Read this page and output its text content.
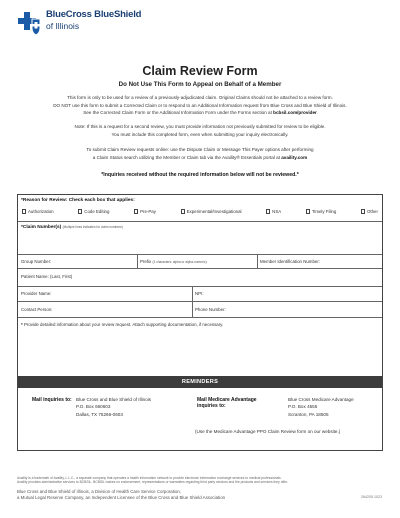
BlueCross BlueShield
of Illinois
Claim Review Form
Do Not Use This Form to Appeal on Behalf of a Member
This form is only to be used for a review of a previously-adjudicated claim. Original Claims should not be attached to a review form.
DO NOT use this form to submit a Corrected Claim or to respond to an Additional Information request from Blue Cross and Blue Shield of Illinois.
See the Corrected Claim Form or the Additional Information Form under the Forms section at bcbsil.com/provider
Note: If this is a request for a second review, you must provide information not previously submitted for review to be eligible.
You must include this completed form, even when submitting your inquiry electronically.
To submit Claim Review requests online: use the Dispute Claim or Message This Payer options after performing
a Claim Status search utilizing the Member or Claim tab via the Availity® Essentials portal at availity.com
*Inquiries received without the required information below will not be reviewed.*
*Reason for Review: Check each box that applies:
Authorization	Code Editing	Pre-Pay	Experimental/Investigational	NSA	Timely Filing	Other
*Claim Number(s) (Multiple lines indicates for claim numbers)
Group Number:	Prefix (3 characters: alpha or alpha-numeric):	Member Identification Number:
Patient Name: (Last, First)
Provider Name:	NPI:
Contact Person:	Phone Number:
* Provide detailed information about your review request. Attach supporting documentation, if necessary.
REMINDERS
Mail inquiries to: Blue Cross and Blue Shield of Illinois
P.O. Box 660603
Dallas, TX 75266-0603
Mail Medicare Advantage
inquiries to:
Blue Cross Medicare Advantage
P.O. Box 4555
Scranton, PA 18505
(Use the Medicare Advantage PPO Claim Review form on our website.)
Availity is a trademark of Availity, L.L.C., a separate company that operates a health information network to provide electronic information exchange services to medical professionals.
Availity provides administrative services to BCBSIL. BCBSIL makes no endorsement, representations or warranties regarding third party vendors and the products and services they offer.
Blue Cross and Blue Shield of Illinois, a Division of Health Care Service Corporation,
a Mutual Legal Reserve Company, an Independent Licensee of the Blue Cross and Blue Shield Association	264205.1023
